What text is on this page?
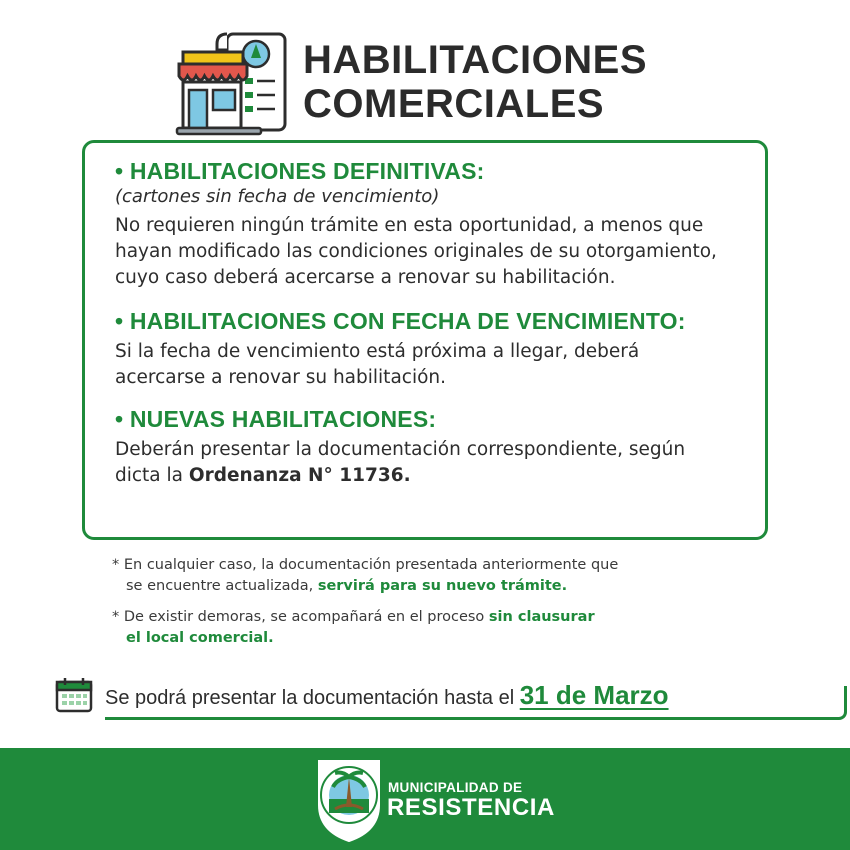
HABILITACIONES
COMERCIALES
• HABILITACIONES DEFINITIVAS:
(cartones sin fecha de vencimiento)
No requieren ningún trámite en esta oportunidad, a menos que hayan modificado las condiciones originales de su otorgamiento, cuyo caso deberá acercarse a renovar su habilitación.
• HABILITACIONES CON FECHA DE VENCIMIENTO:
Si la fecha de vencimiento está próxima a llegar, deberá acercarse a renovar su habilitación.
• NUEVAS HABILITACIONES:
Deberán presentar la documentación correspondiente, según dicta la Ordenanza N° 11736.
* En cualquier caso, la documentación presentada anteriormente que
se encuentre actualizada, servirá para su nuevo trámite.
* De existir demoras, se acompañará en el proceso sin clausurar
el local comercial.
Se podrá presentar la documentación hasta el 31 de Marzo
MUNICIPALIDAD DE
RESISTENCIA
